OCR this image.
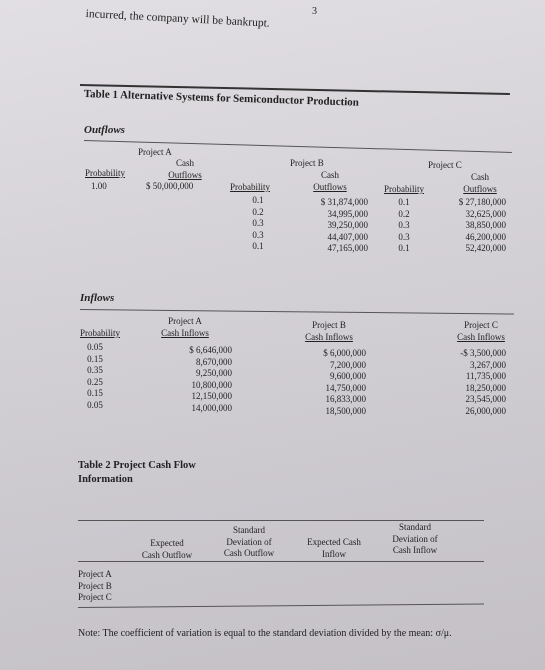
3
incurred, the company will be bankrupt.
Table 1 Alternative Systems for Semiconductor Production
Outflows
Project A
Probability
Cash
Outflows
1.00	$ 50,000,000
Project B
Probability
Cash
Outflows
0.1
0.2
0.3
0.3
0.1
$ 31,874,000
34,995,000
39,250,000
44,407,000
47,165,000
Project C
Probability
Cash
Outflows
0.1
0.2
0.3
0.3
0.1
$ 27,180,000
32,625,000
38,850,000
46,200,000
52,420,000
Inflows
Probability
0.05
0.15
0.35
0.25
0.15
0.05
Project A
Cash Inflows
$ 6,646,000
8,670,000
9,250,000
10,800,000
12,150,000
14,000,000
Project B
Cash Inflows
$ 6,000,000
7,200,000
9,600,000
14,750,000
16,833,000
18,500,000
Project C
Cash Inflows
-$ 3,500,000
3,267,000
11,735,000
18,250,000
23,545,000
26,000,000
Table 2 Project Cash Flow
Information
Expected
Cash Outflow
Standard
Deviation of
Cash Outflow
Expected Cash
Inflow
Standard
Deviation of
Cash Inflow
Project A
Project B
Project C
Note: The coefficient of variation is equal to the standard deviation divided by the mean: σ/μ.
